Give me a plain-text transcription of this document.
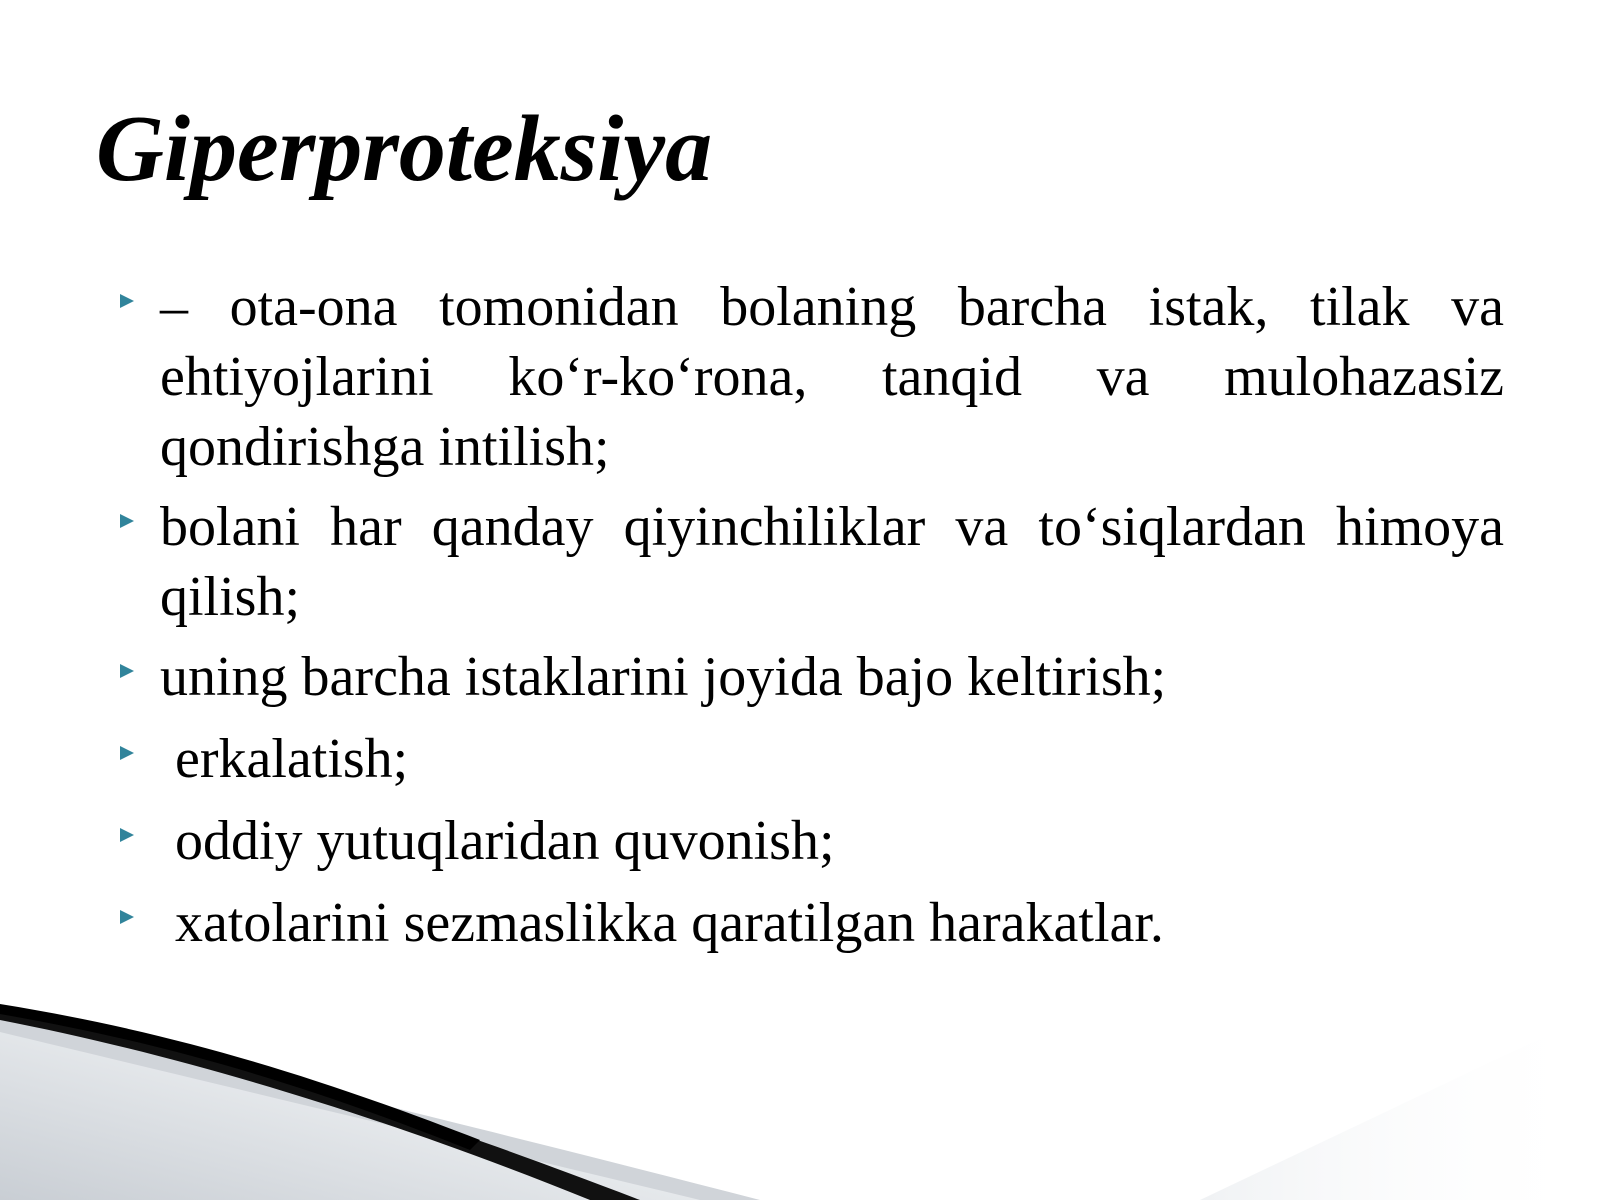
Giperproteksiya
– ota-ona tomonidan bolaning barcha istak, tilak va ehtiyojlarini ko‘r-ko‘rona, tanqid va mulohazasiz qondirishga intilish;
bolani har qanday qiyinchiliklar va to‘siqlardan himoya qilish;
uning barcha istaklarini joyida bajo keltirish;
erkalatish;
oddiy yutuqlaridan quvonish;
xatolarini sezmaslikka qaratilgan harakatlar.
